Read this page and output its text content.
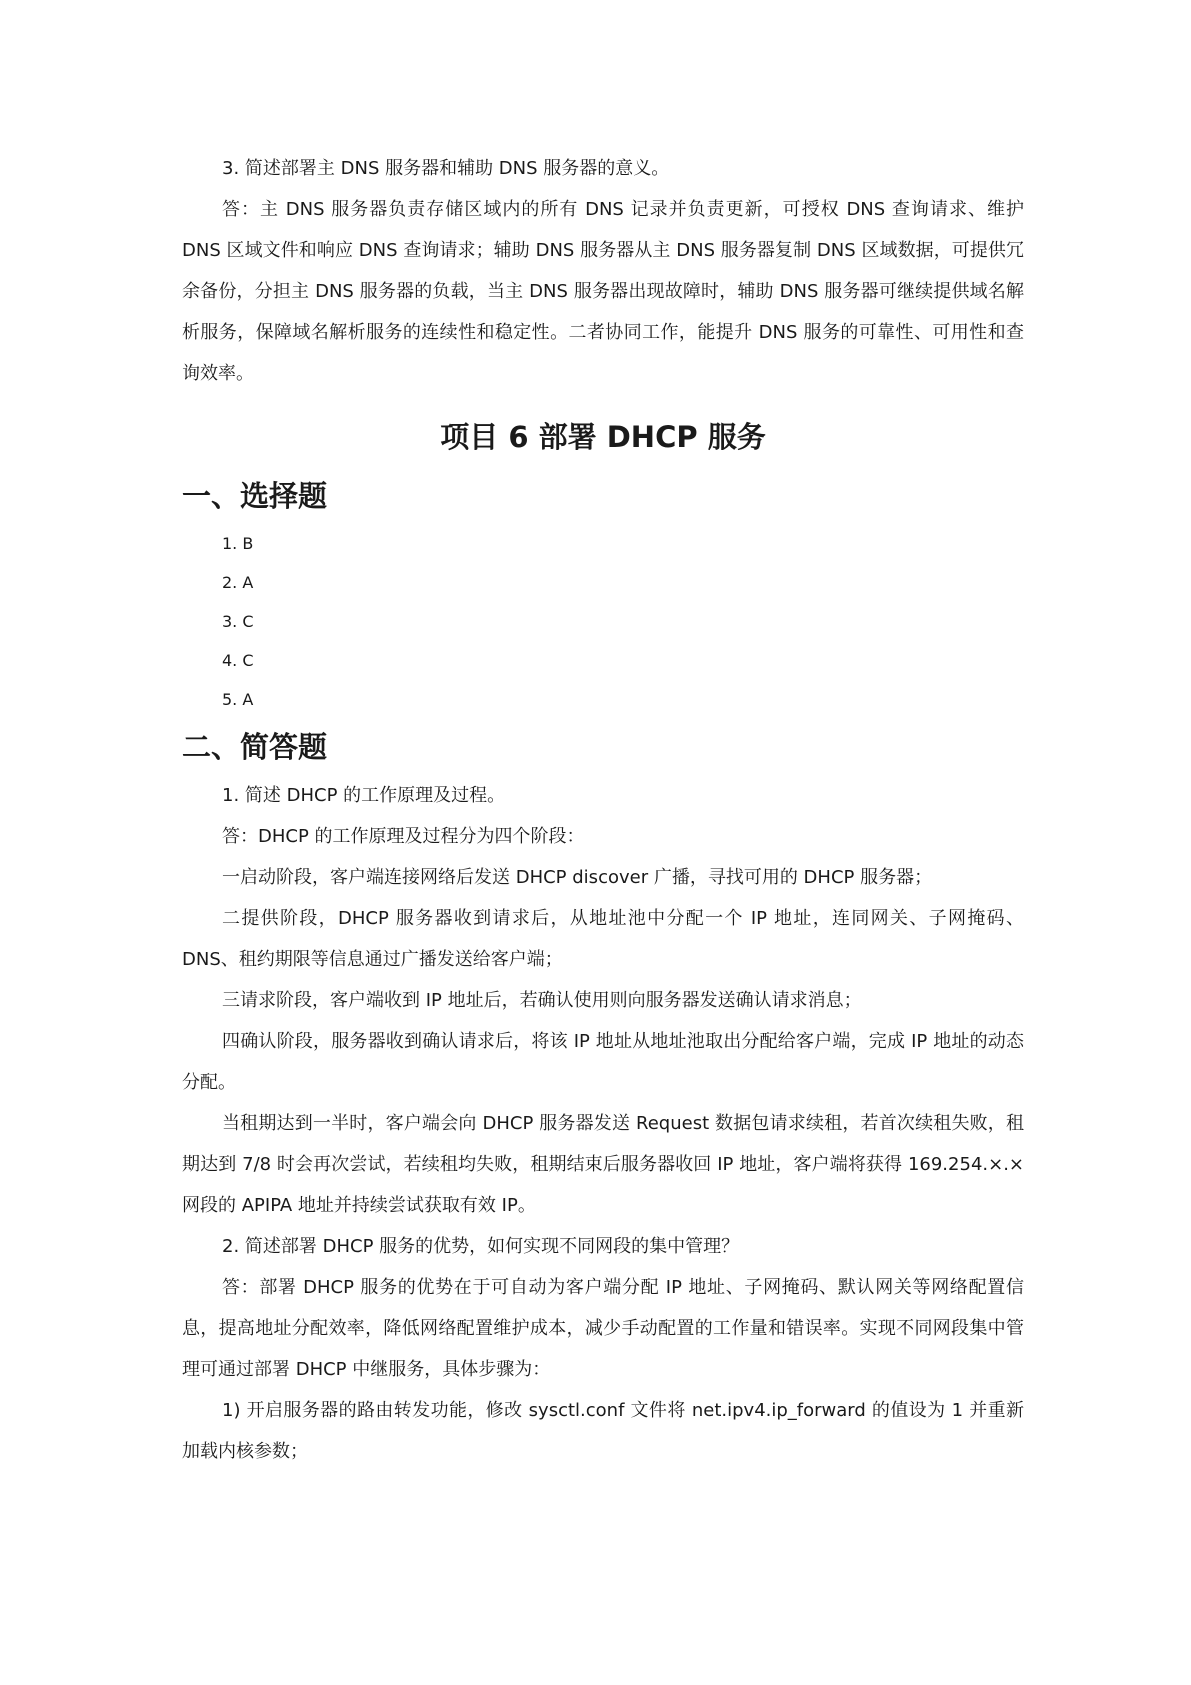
3. 简述部署主 DNS 服务器和辅助 DNS 服务器的意义。

答：主 DNS 服务器负责存储区域内的所有 DNS 记录并负责更新，可授权 DNS 查询请求、维护 DNS 区域文件和响应 DNS 查询请求；辅助 DNS 服务器从主 DNS 服务器复制 DNS 区域数据，可提供冗余备份，分担主 DNS 服务器的负载，当主 DNS 服务器出现故障时，辅助 DNS 服务器可继续提供域名解析服务，保障域名解析服务的连续性和稳定性。二者协同工作，能提升 DNS 服务的可靠性、可用性和查询效率。

项目 6 部署 DHCP 服务
一、选择题
1. B
2. A
3. C
4. C
5. A
二、简答题

1. 简述 DHCP 的工作原理及过程。

答：DHCP 的工作原理及过程分为四个阶段：

一启动阶段，客户端连接网络后发送 DHCP discover 广播，寻找可用的 DHCP 服务器；

二提供阶段，DHCP 服务器收到请求后，从地址池中分配一个 IP 地址，连同网关、子网掩码、DNS、租约期限等信息通过广播发送给客户端；

三请求阶段，客户端收到 IP 地址后，若确认使用则向服务器发送确认请求消息；

四确认阶段，服务器收到确认请求后，将该 IP 地址从地址池取出分配给客户端，完成 IP 地址的动态分配。

当租期达到一半时，客户端会向 DHCP 服务器发送 Request 数据包请求续租，若首次续租失败，租期达到 7/8 时会再次尝试，若续租均失败，租期结束后服务器收回 IP 地址，客户端将获得 169.254.×.×网段的 APIPA 地址并持续尝试获取有效 IP。

2. 简述部署 DHCP 服务的优势，如何实现不同网段的集中管理？

答：部署 DHCP 服务的优势在于可自动为客户端分配 IP 地址、子网掩码、默认网关等网络配置信息，提高地址分配效率，降低网络配置维护成本，减少手动配置的工作量和错误率。实现不同网段集中管理可通过部署 DHCP 中继服务，具体步骤为：

1) 开启服务器的路由转发功能，修改 sysctl.conf 文件将 net.ipv4.ip_forward 的值设为 1 并重新加载内核参数；
